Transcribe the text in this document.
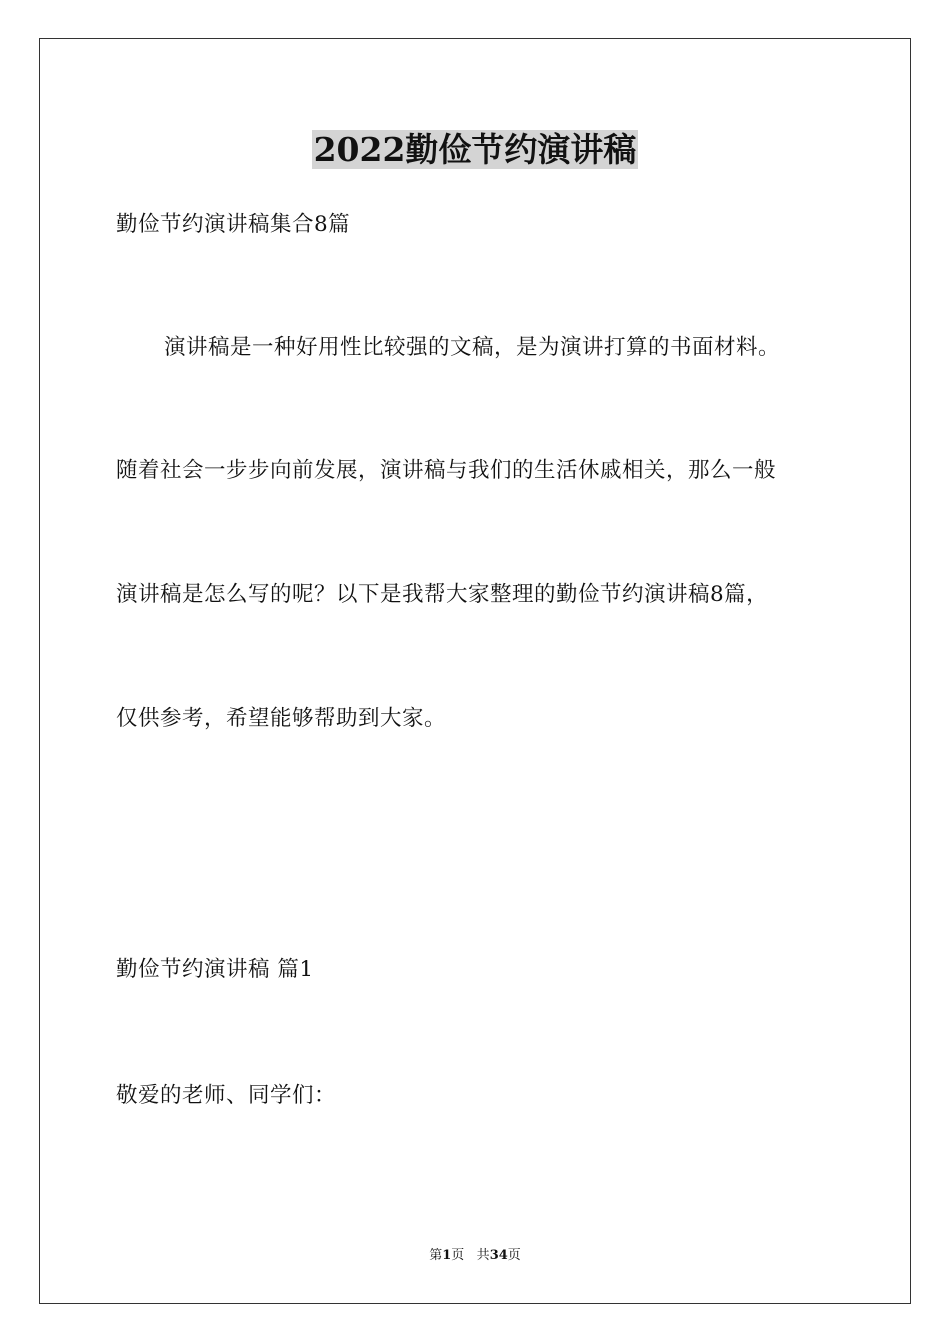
2022勤俭节约演讲稿
勤俭节约演讲稿集合8篇
演讲稿是一种好用性比较强的文稿，是为演讲打算的书面材料。
随着社会一步步向前发展，演讲稿与我们的生活休戚相关，那么一般
演讲稿是怎么写的呢？以下是我帮大家整理的勤俭节约演讲稿8篇，
仅供参考，希望能够帮助到大家。
勤俭节约演讲稿 篇1
敬爱的老师、同学们：
第1页 共34页
